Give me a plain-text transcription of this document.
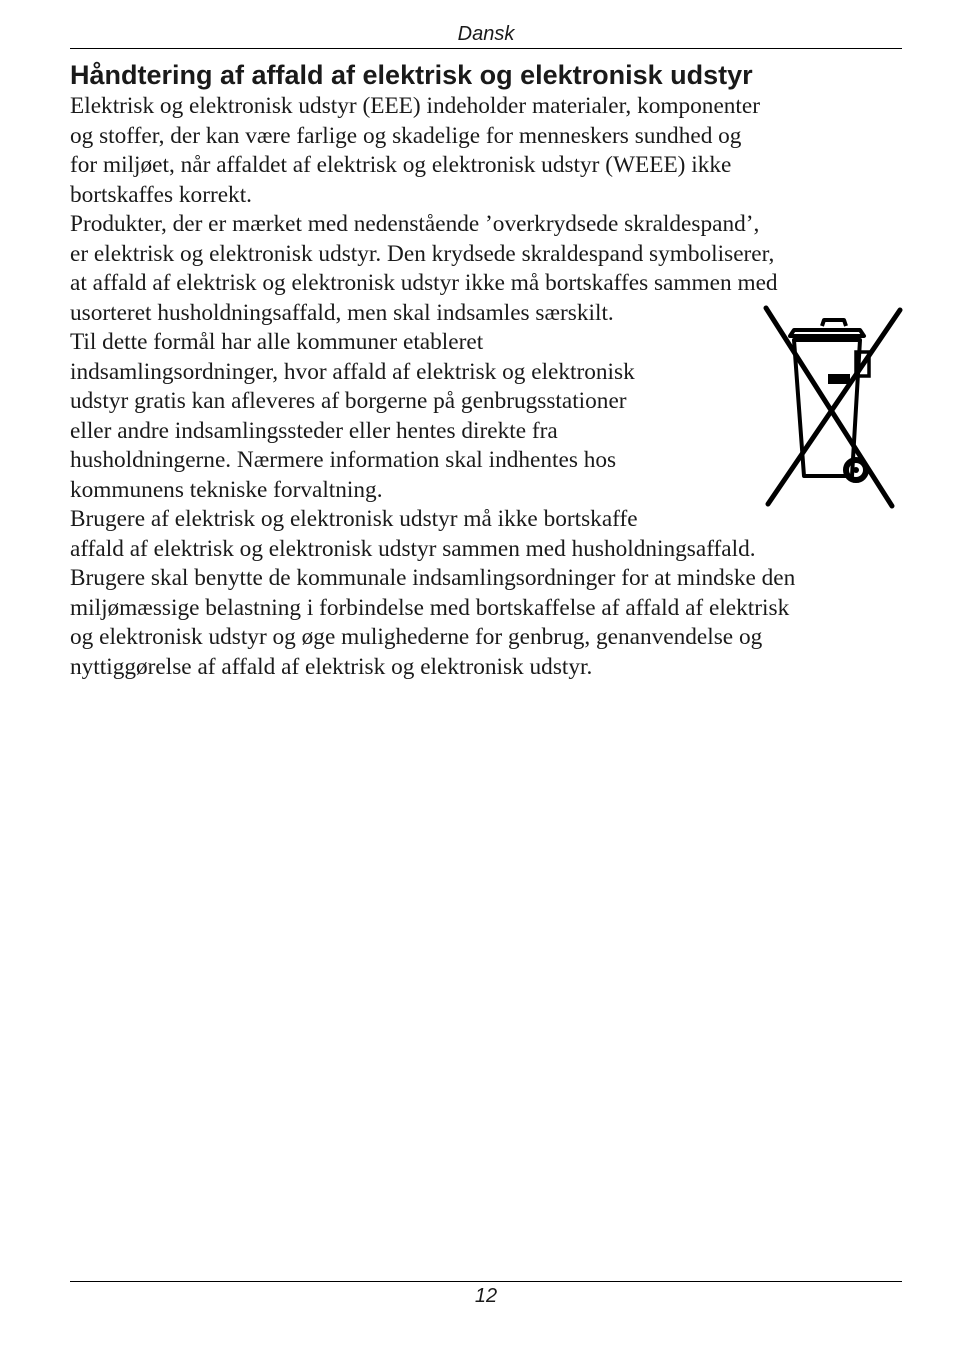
Dansk
Håndtering af affald af elektrisk og elektronisk udstyr
Elektrisk og elektronisk udstyr (EEE) indeholder materialer, komponenter
og stoffer, der kan være farlige og skadelige for menneskers sundhed og
for miljøet, når affaldet af elektrisk og elektronisk udstyr (WEEE) ikke
bortskaffes korrekt.
Produkter, der er mærket med nedenstående ’overkrydsede skraldespand’,
er elektrisk og elektronisk udstyr. Den krydsede skraldespand symboliserer,
at affald af elektrisk og elektronisk udstyr ikke må bortskaffes sammen med
usorteret husholdningsaffald, men skal indsamles særskilt.
Til dette formål har alle kommuner etableret
indsamlingsordninger, hvor affald af elektrisk og elektronisk
udstyr gratis kan afleveres af borgerne på genbrugsstationer
eller andre indsamlingssteder eller hentes direkte fra
husholdningerne. Nærmere information skal indhentes hos
kommunens tekniske forvaltning.
Brugere af elektrisk og elektronisk udstyr må ikke bortskaffe
affald af elektrisk og elektronisk udstyr sammen med husholdningsaffald.
Brugere skal benytte de kommunale indsamlingsordninger for at mindske den
miljømæssige belastning i forbindelse med bortskaffelse af affald af elektrisk
og elektronisk udstyr og øge mulighederne for genbrug, genanvendelse og
nyttiggørelse af affald af elektrisk og elektronisk udstyr.
12
